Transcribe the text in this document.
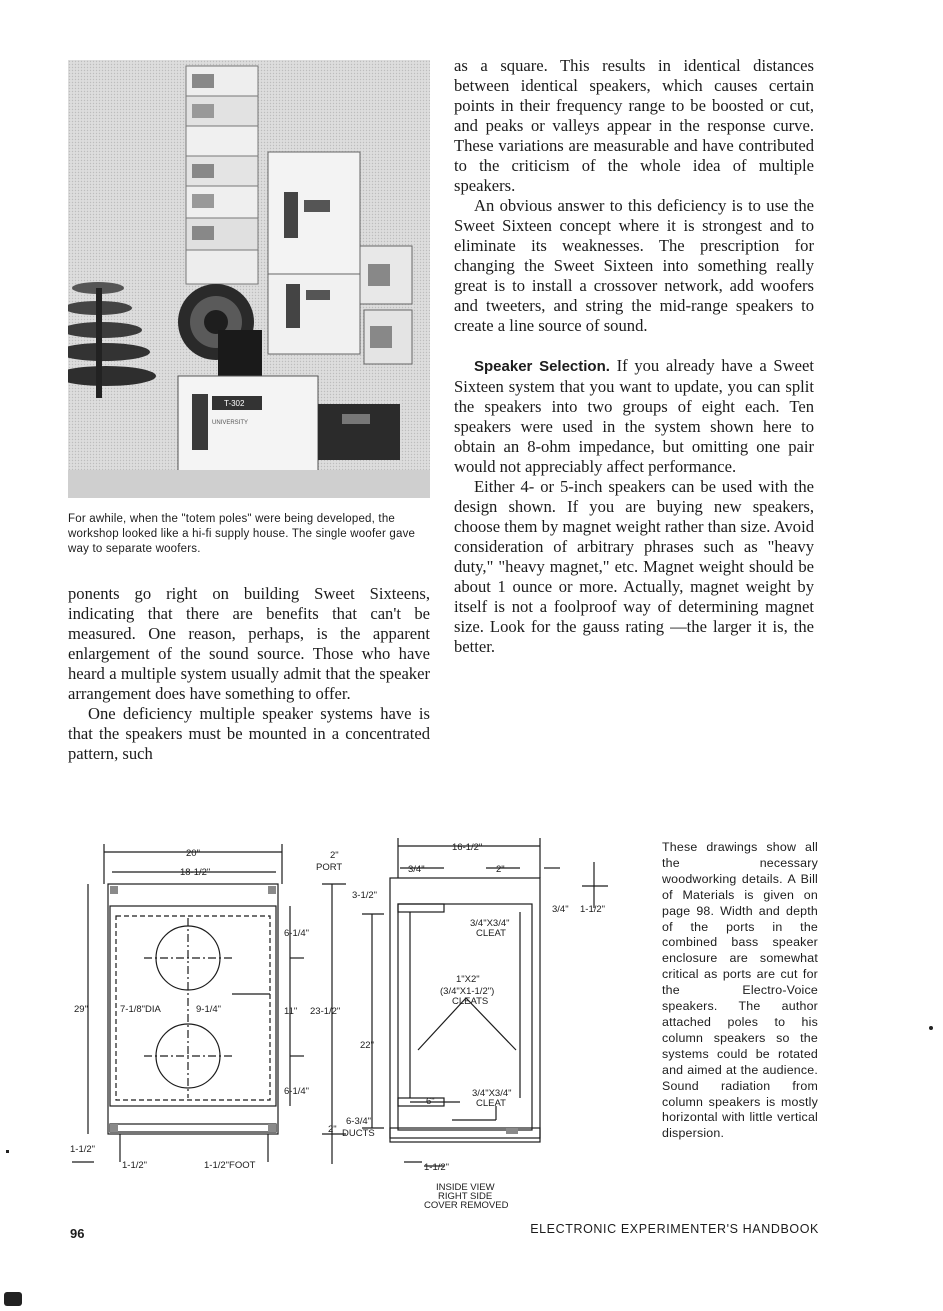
T-302
UNIVERSITY

For awhile, when the "totem poles" were being developed, the workshop looked like a hi-fi supply house. The single woofer gave way to separate woofers.

ponents go right on building Sweet Sixteens, indicating that there are benefits that can't be measured. One reason, perhaps, is the apparent enlargement of the sound source. Those who have heard a multiple system usually admit that the speaker arrangement does have something to offer.

One deficiency multiple speaker systems have is that the speakers must be mounted in a concentrated pattern, such

as a square. This results in identical distances between identical speakers, which causes certain points in their frequency range to be boosted or cut, and peaks or valleys appear in the response curve. These variations are measurable and have contributed to the criticism of the whole idea of multiple speakers.

An obvious answer to this deficiency is to use the Sweet Sixteen concept where it is strongest and to eliminate its weaknesses. The prescription for changing the Sweet Sixteen into something really great is to install a crossover network, add woofers and tweeters, and string the mid-range speakers to create a line source of sound.

Speaker Selection. If you already have a Sweet Sixteen system that you want to update, you can split the speakers into two groups of eight each. Ten speakers were used in the system shown here to obtain an 8-ohm impedance, but omitting one pair would not appreciably affect performance.

Either 4- or 5-inch speakers can be used with the design shown. If you are buying new speakers, choose them by magnet weight rather than size. Avoid consideration of arbitrary phrases such as "heavy duty," "heavy magnet," etc. Magnet weight should be about 1 ounce or more. Actually, magnet weight by itself is not a foolproof way of determining magnet size. Look for the gauss rating —the larger it is, the better.

20"
18-1/2"
2"
PORT
3-1/2"
6-1/4"
29"	7-1/8"DIA	9-1/4"	11" 23-1/2"
22"
6-1/4"
2"
6-3/4"
DUCTS
1-1/2"
1-1/2"	1-1/2"FOOT
16-1/2"
3/4"	2"
3/4" 1-1/2"
3/4"X3/4"
CLEAT
1"X2"
(3/4"X1-1/2")
CLEATS
6"
3/4"X3/4"
CLEAT
1-1/2"
INSIDE VIEW
RIGHT SIDE
COVER REMOVED

These drawings show all the necessary woodworking details. A Bill of Materials is given on page 98. Width and depth of the ports in the combined bass speaker enclosure are somewhat critical as ports are cut for the Electro-Voice speakers. The author attached poles to his column speakers so the systems could be rotated and aimed at the audience. Sound radiation from column speakers is mostly horizontal with little vertical dispersion.

96	ELECTRONIC EXPERIMENTER'S HANDBOOK
